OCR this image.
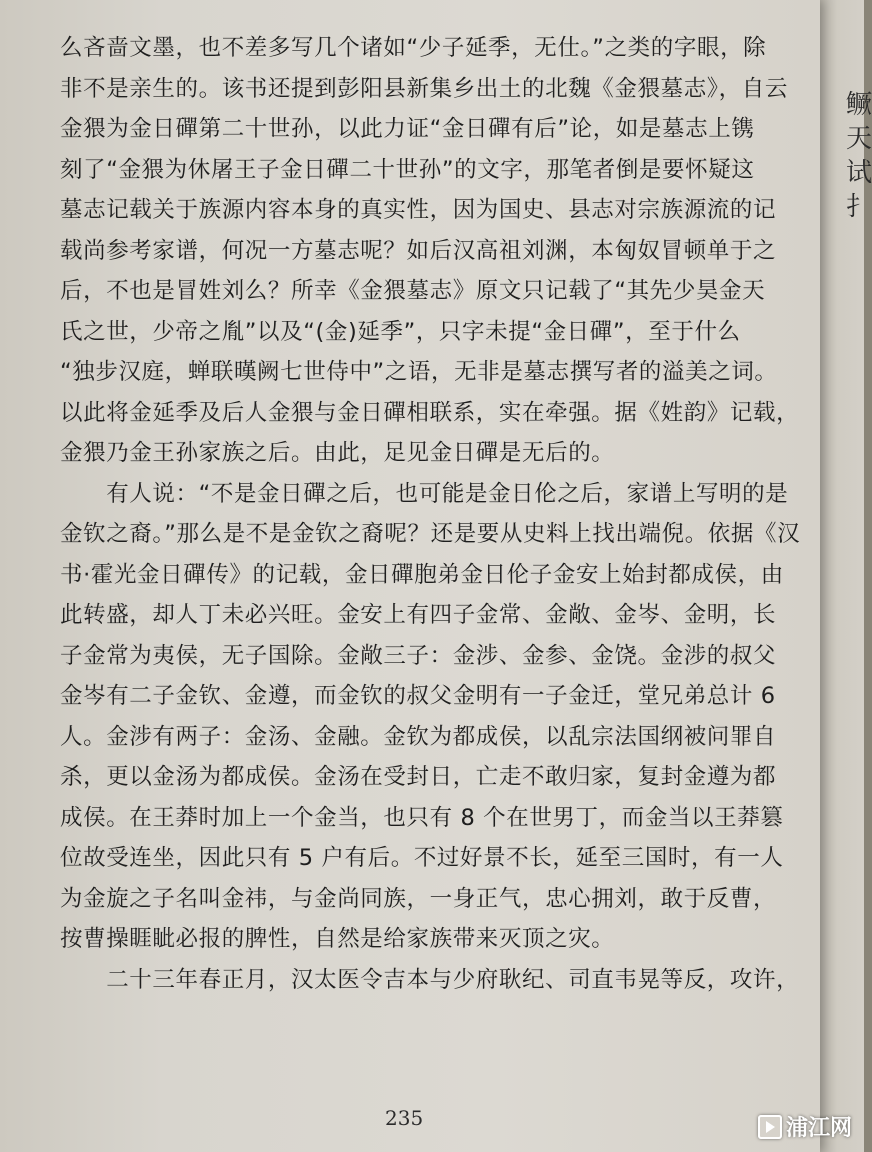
鳜
天
试
扌
么吝啬文墨，也不差多写几个诸如“少子延季，无仕。”之类的字眼，除
非不是亲生的。该书还提到彭阳县新集乡出土的北魏《金猥墓志》，自云
金猥为金日磾第二十世孙，以此力证“金日磾有后”论，如是墓志上镌
刻了“金猥为休屠王子金日磾二十世孙”的文字，那笔者倒是要怀疑这
墓志记载关于族源内容本身的真实性，因为国史、县志对宗族源流的记
载尚参考家谱，何况一方墓志呢？如后汉高祖刘渊，本匈奴冒顿单于之
后，不也是冒姓刘么？所幸《金猥墓志》原文只记载了“其先少昊金天
氏之世，少帝之胤”以及“(金)延季”，只字未提“金日磾”，至于什么
“独步汉庭，蝉联暵阙七世侍中”之语，无非是墓志撰写者的溢美之词。
以此将金延季及后人金猥与金日磾相联系，实在牵强。据《姓韵》记载，
金猥乃金王孙家族之后。由此，足见金日磾是无后的。
　　有人说：“不是金日磾之后，也可能是金日伦之后，家谱上写明的是
金钦之裔。”那么是不是金钦之裔呢？还是要从史料上找出端倪。依据《汉
书·霍光金日磾传》的记载，金日磾胞弟金日伦子金安上始封都成侯，由
此转盛，却人丁未必兴旺。金安上有四子金常、金敞、金岑、金明，长
子金常为夷侯，无子国除。金敞三子：金涉、金参、金饶。金涉的叔父
金岑有二子金钦、金遵，而金钦的叔父金明有一子金迁，堂兄弟总计 6
人。金涉有两子：金汤、金融。金钦为都成侯，以乱宗法国纲被问罪自
杀，更以金汤为都成侯。金汤在受封日，亡走不敢归家，复封金遵为都
成侯。在王莽时加上一个金当，也只有 8 个在世男丁，而金当以王莽篡
位故受连坐，因此只有 5 户有后。不过好景不长，延至三国时，有一人
为金旋之子名叫金祎，与金尚同族，一身正气，忠心拥刘，敢于反曹，
按曹操睚眦必报的脾性，自然是给家族带来灭顶之灾。
　　二十三年春正月，汉太医令吉本与少府耿纪、司直韦晃等反，攻许，
235	浦江网
